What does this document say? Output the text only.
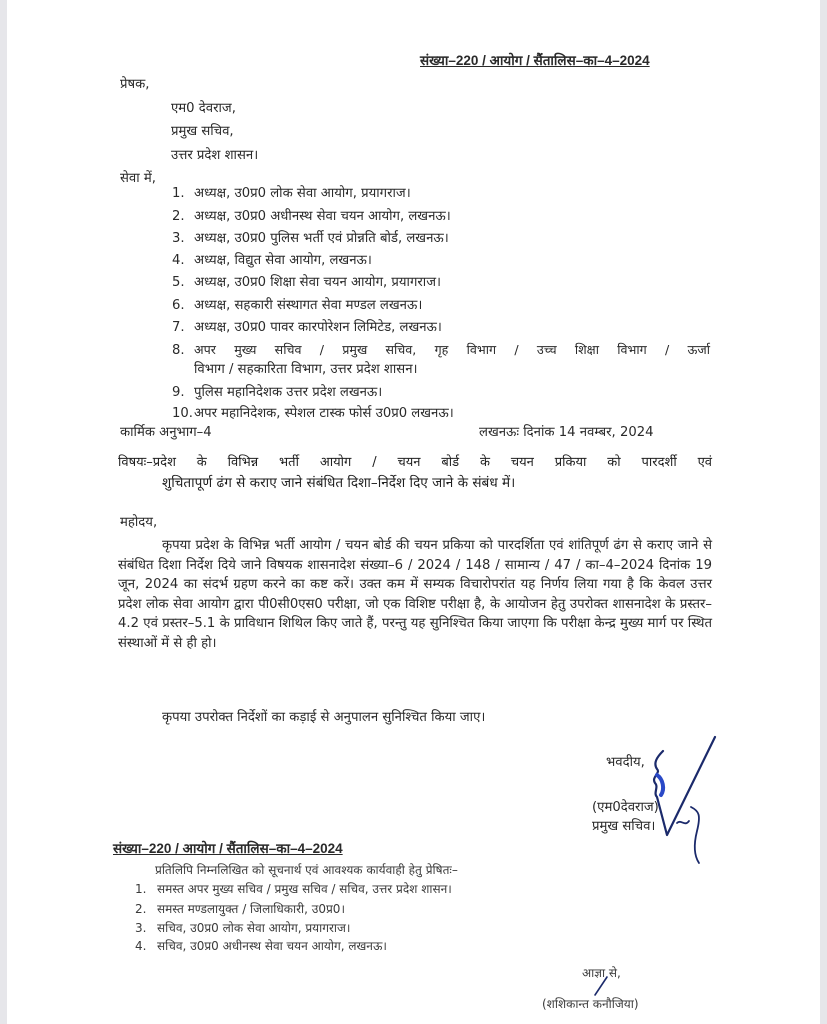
संख्या–220 / आयोग / सैंतालिस–का–4–2024
प्रेषक,
एम0 देवराज,
प्रमुख सचिव,
उत्तर प्रदेश शासन।
सेवा में,
1. अध्यक्ष, उ0प्र0 लोक सेवा आयोग, प्रयागराज।
2. अध्यक्ष, उ0प्र0 अधीनस्थ सेवा चयन आयोग, लखनऊ।
3. अध्यक्ष, उ0प्र0 पुलिस भर्ती एवं प्रोन्नति बोर्ड, लखनऊ।
4. अध्यक्ष, विद्युत सेवा आयोग, लखनऊ।
5. अध्यक्ष, उ0प्र0 शिक्षा सेवा चयन आयोग, प्रयागराज।
6. अध्यक्ष, सहकारी संस्थागत सेवा मण्डल लखनऊ।
7. अध्यक्ष, उ0प्र0 पावर कारपोरेशन लिमिटेड, लखनऊ।
8. अपर मुख्य सचिव / प्रमुख सचिव, गृह विभाग / उच्च शिक्षा विभाग / ऊर्जा
विभाग / सहकारिता विभाग, उत्तर प्रदेश शासन।
9. पुलिस महानिदेशक उत्तर प्रदेश लखनऊ।
10.अपर महानिदेशक, स्पेशल टास्क फोर्स उ0प्र0 लखनऊ।
कार्मिक अनुभाग–4	लखनऊः दिनांक 14 नवम्बर, 2024
विषयः–प्रदेश के विभिन्न भर्ती आयोग / चयन बोर्ड के चयन प्रकिया को पारदर्शी एवं
शुचितापूर्ण ढंग से कराए जाने संबंधित दिशा–निर्देश दिए जाने के संबंध में।
महोदय,
कृपया प्रदेश के विभिन्न भर्ती आयोग / चयन बोर्ड की चयन प्रकिया को पारदर्शिता एवं शांतिपूर्ण ढंग से कराए जाने से संबंधित दिशा निर्देश दिये जाने विषयक शासनादेश संख्या–6 / 2024 / 148 / सामान्य / 47 / का–4–2024 दिनांक 19 जून, 2024 का संदर्भ ग्रहण करने का कष्ट करें। उक्त कम में सम्यक विचारोपरांत यह निर्णय लिया गया है कि केवल उत्तर प्रदेश लोक सेवा आयोग द्वारा पी0सी0एस0 परीक्षा, जो एक विशिष्ट परीक्षा है, के आयोजन हेतु उपरोक्त शासनादेश के प्रस्तर–4.2 एवं प्रस्तर–5.1 के प्राविधान शिथिल किए जाते हैं, परन्तु यह सुनिश्चित किया जाएगा कि परीक्षा केन्द्र मुख्य मार्ग पर स्थित संस्थाओं में से ही हो।
कृपया उपरोक्त निर्देशों का कड़ाई से अनुपालन सुनिश्चित किया जाए।
भवदीय,
(एम0देवराज)
प्रमुख सचिव।
संख्या–220 / आयोग / सैंतालिस–का–4–2024
प्रतिलिपि निम्नलिखित को सूचनार्थ एवं आवश्यक कार्यवाही हेतु प्रेषितः–
1. समस्त अपर मुख्य सचिव / प्रमुख सचिव / सचिव, उत्तर प्रदेश शासन।
2. समस्त मण्डलायुक्त / जिलाधिकारी, उ0प्र0।
3. सचिव, उ0प्र0 लोक सेवा आयोग, प्रयागराज।
4. सचिव, उ0प्र0 अधीनस्थ सेवा चयन आयोग, लखनऊ।
आज्ञा से,
(शशिकान्त कनौजिया)
